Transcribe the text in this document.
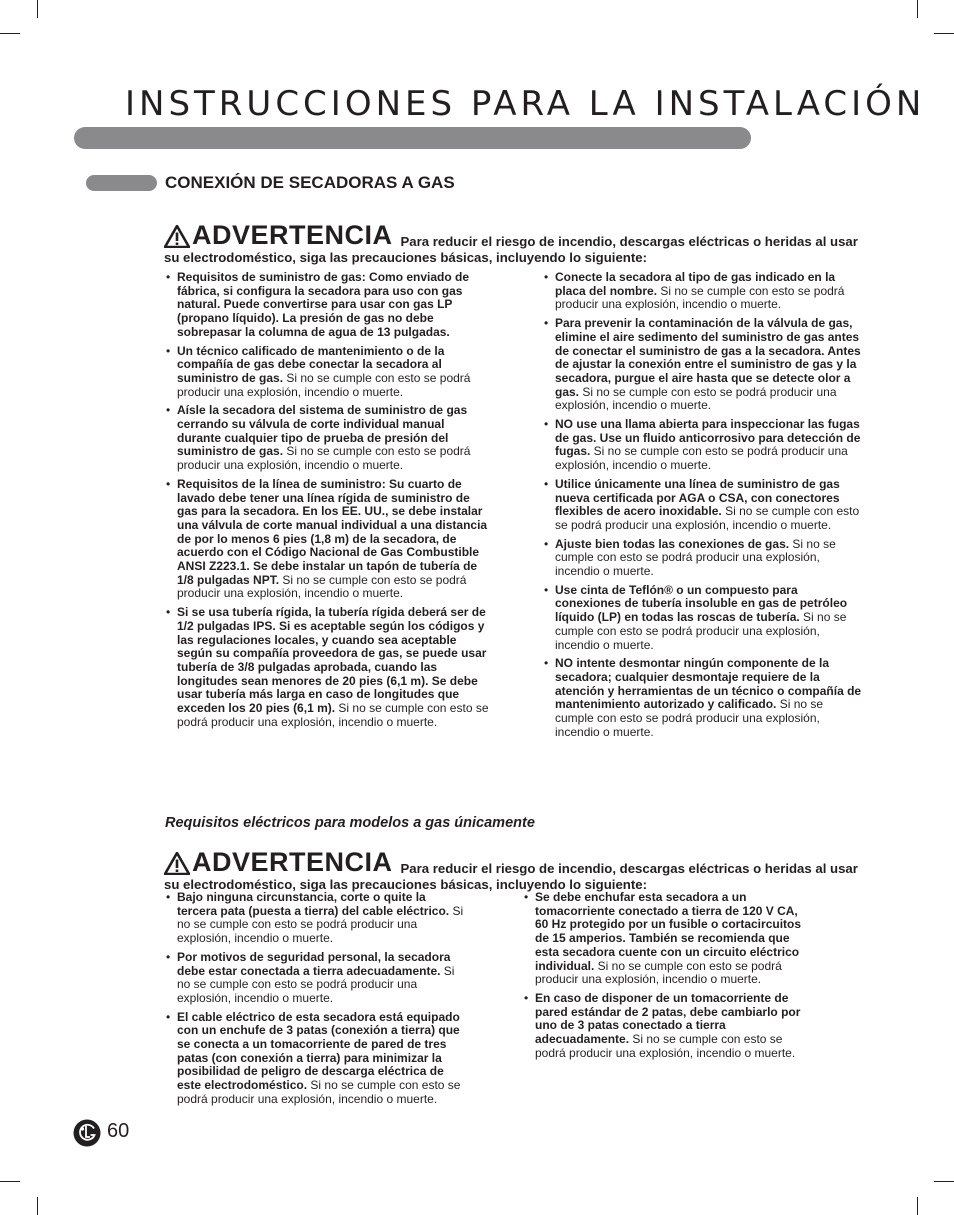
INSTRUCCIONES PARA LA INSTALACIÓN
CONEXIÓN DE SECADORAS A GAS
ADVERTENCIA Para reducir el riesgo de incendio, descargas eléctricas o heridas al usar su electrodoméstico, siga las precauciones básicas, incluyendo lo siguiente:
• Requisitos de suministro de gas: Como enviado de fábrica, si configura la secadora para uso con gas natural. Puede convertirse para usar con gas LP (propano líquido). La presión de gas no debe sobrepasar la columna de agua de 13 pulgadas.
• Un técnico calificado de mantenimiento o de la compañía de gas debe conectar la secadora al suministro de gas. Si no se cumple con esto se podrá producir una explosión, incendio o muerte.
• Aísle la secadora del sistema de suministro de gas cerrando su válvula de corte individual manual durante cualquier tipo de prueba de presión del suministro de gas. Si no se cumple con esto se podrá producir una explosión, incendio o muerte.
• Requisitos de la línea de suministro: Su cuarto de lavado debe tener una línea rígida de suministro de gas para la secadora. En los EE. UU., se debe instalar una válvula de corte manual individual a una distancia de por lo menos 6 pies (1,8 m) de la secadora, de acuerdo con el Código Nacional de Gas Combustible ANSI Z223.1. Se debe instalar un tapón de tubería de 1/8 pulgadas NPT. Si no se cumple con esto se podrá producir una explosión, incendio o muerte.
• Si se usa tubería rígida, la tubería rígida deberá ser de 1/2 pulgadas IPS. Si es aceptable según los códigos y las regulaciones locales, y cuando sea aceptable según su compañía proveedora de gas, se puede usar tubería de 3/8 pulgadas aprobada, cuando las longitudes sean menores de 20 pies (6,1 m). Se debe usar tubería más larga en caso de longitudes que exceden los 20 pies (6,1 m). Si no se cumple con esto se podrá producir una explosión, incendio o muerte.
• Conecte la secadora al tipo de gas indicado en la placa del nombre. Si no se cumple con esto se podrá producir una explosión, incendio o muerte.
• Para prevenir la contaminación de la válvula de gas, elimine el aire sedimento del suministro de gas antes de conectar el suministro de gas a la secadora. Antes de ajustar la conexión entre el suministro de gas y la secadora, purgue el aire hasta que se detecte olor a gas. Si no se cumple con esto se podrá producir una explosión, incendio o muerte.
• NO use una llama abierta para inspeccionar las fugas de gas. Use un fluido anticorrosivo para detección de fugas. Si no se cumple con esto se podrá producir una explosión, incendio o muerte.
• Utilice únicamente una línea de suministro de gas nueva certificada por AGA o CSA, con conectores flexibles de acero inoxidable. Si no se cumple con esto se podrá producir una explosión, incendio o muerte.
• Ajuste bien todas las conexiones de gas. Si no se cumple con esto se podrá producir una explosión, incendio o muerte.
• Use cinta de Teflón® o un compuesto para conexiones de tubería insoluble en gas de petróleo líquido (LP) en todas las roscas de tubería. Si no se cumple con esto se podrá producir una explosión, incendio o muerte.
• NO intente desmontar ningún componente de la secadora; cualquier desmontaje requiere de la atención y herramientas de un técnico o compañía de mantenimiento autorizado y calificado. Si no se cumple con esto se podrá producir una explosión, incendio o muerte.
Requisitos eléctricos para modelos a gas únicamente
ADVERTENCIA Para reducir el riesgo de incendio, descargas eléctricas o heridas al usar su electrodoméstico, siga las precauciones básicas, incluyendo lo siguiente:
• Bajo ninguna circunstancia, corte o quite la tercera pata (puesta a tierra) del cable eléctrico. Si no se cumple con esto se podrá producir una explosión, incendio o muerte.
• Por motivos de seguridad personal, la secadora debe estar conectada a tierra adecuadamente. Si no se cumple con esto se podrá producir una explosión, incendio o muerte.
• El cable eléctrico de esta secadora está equipado con un enchufe de 3 patas (conexión a tierra) que se conecta a un tomacorriente de pared de tres patas (con conexión a tierra) para minimizar la posibilidad de peligro de descarga eléctrica de este electrodoméstico. Si no se cumple con esto se podrá producir una explosión, incendio o muerte.
• Se debe enchufar esta secadora a un tomacorriente conectado a tierra de 120 V CA, 60 Hz protegido por un fusible o cortacircuitos de 15 amperios. También se recomienda que esta secadora cuente con un circuito eléctrico individual. Si no se cumple con esto se podrá producir una explosión, incendio o muerte.
• En caso de disponer de un tomacorriente de pared estándar de 2 patas, debe cambiarlo por uno de 3 patas conectado a tierra adecuadamente. Si no se cumple con esto se podrá producir una explosión, incendio o muerte.
60
